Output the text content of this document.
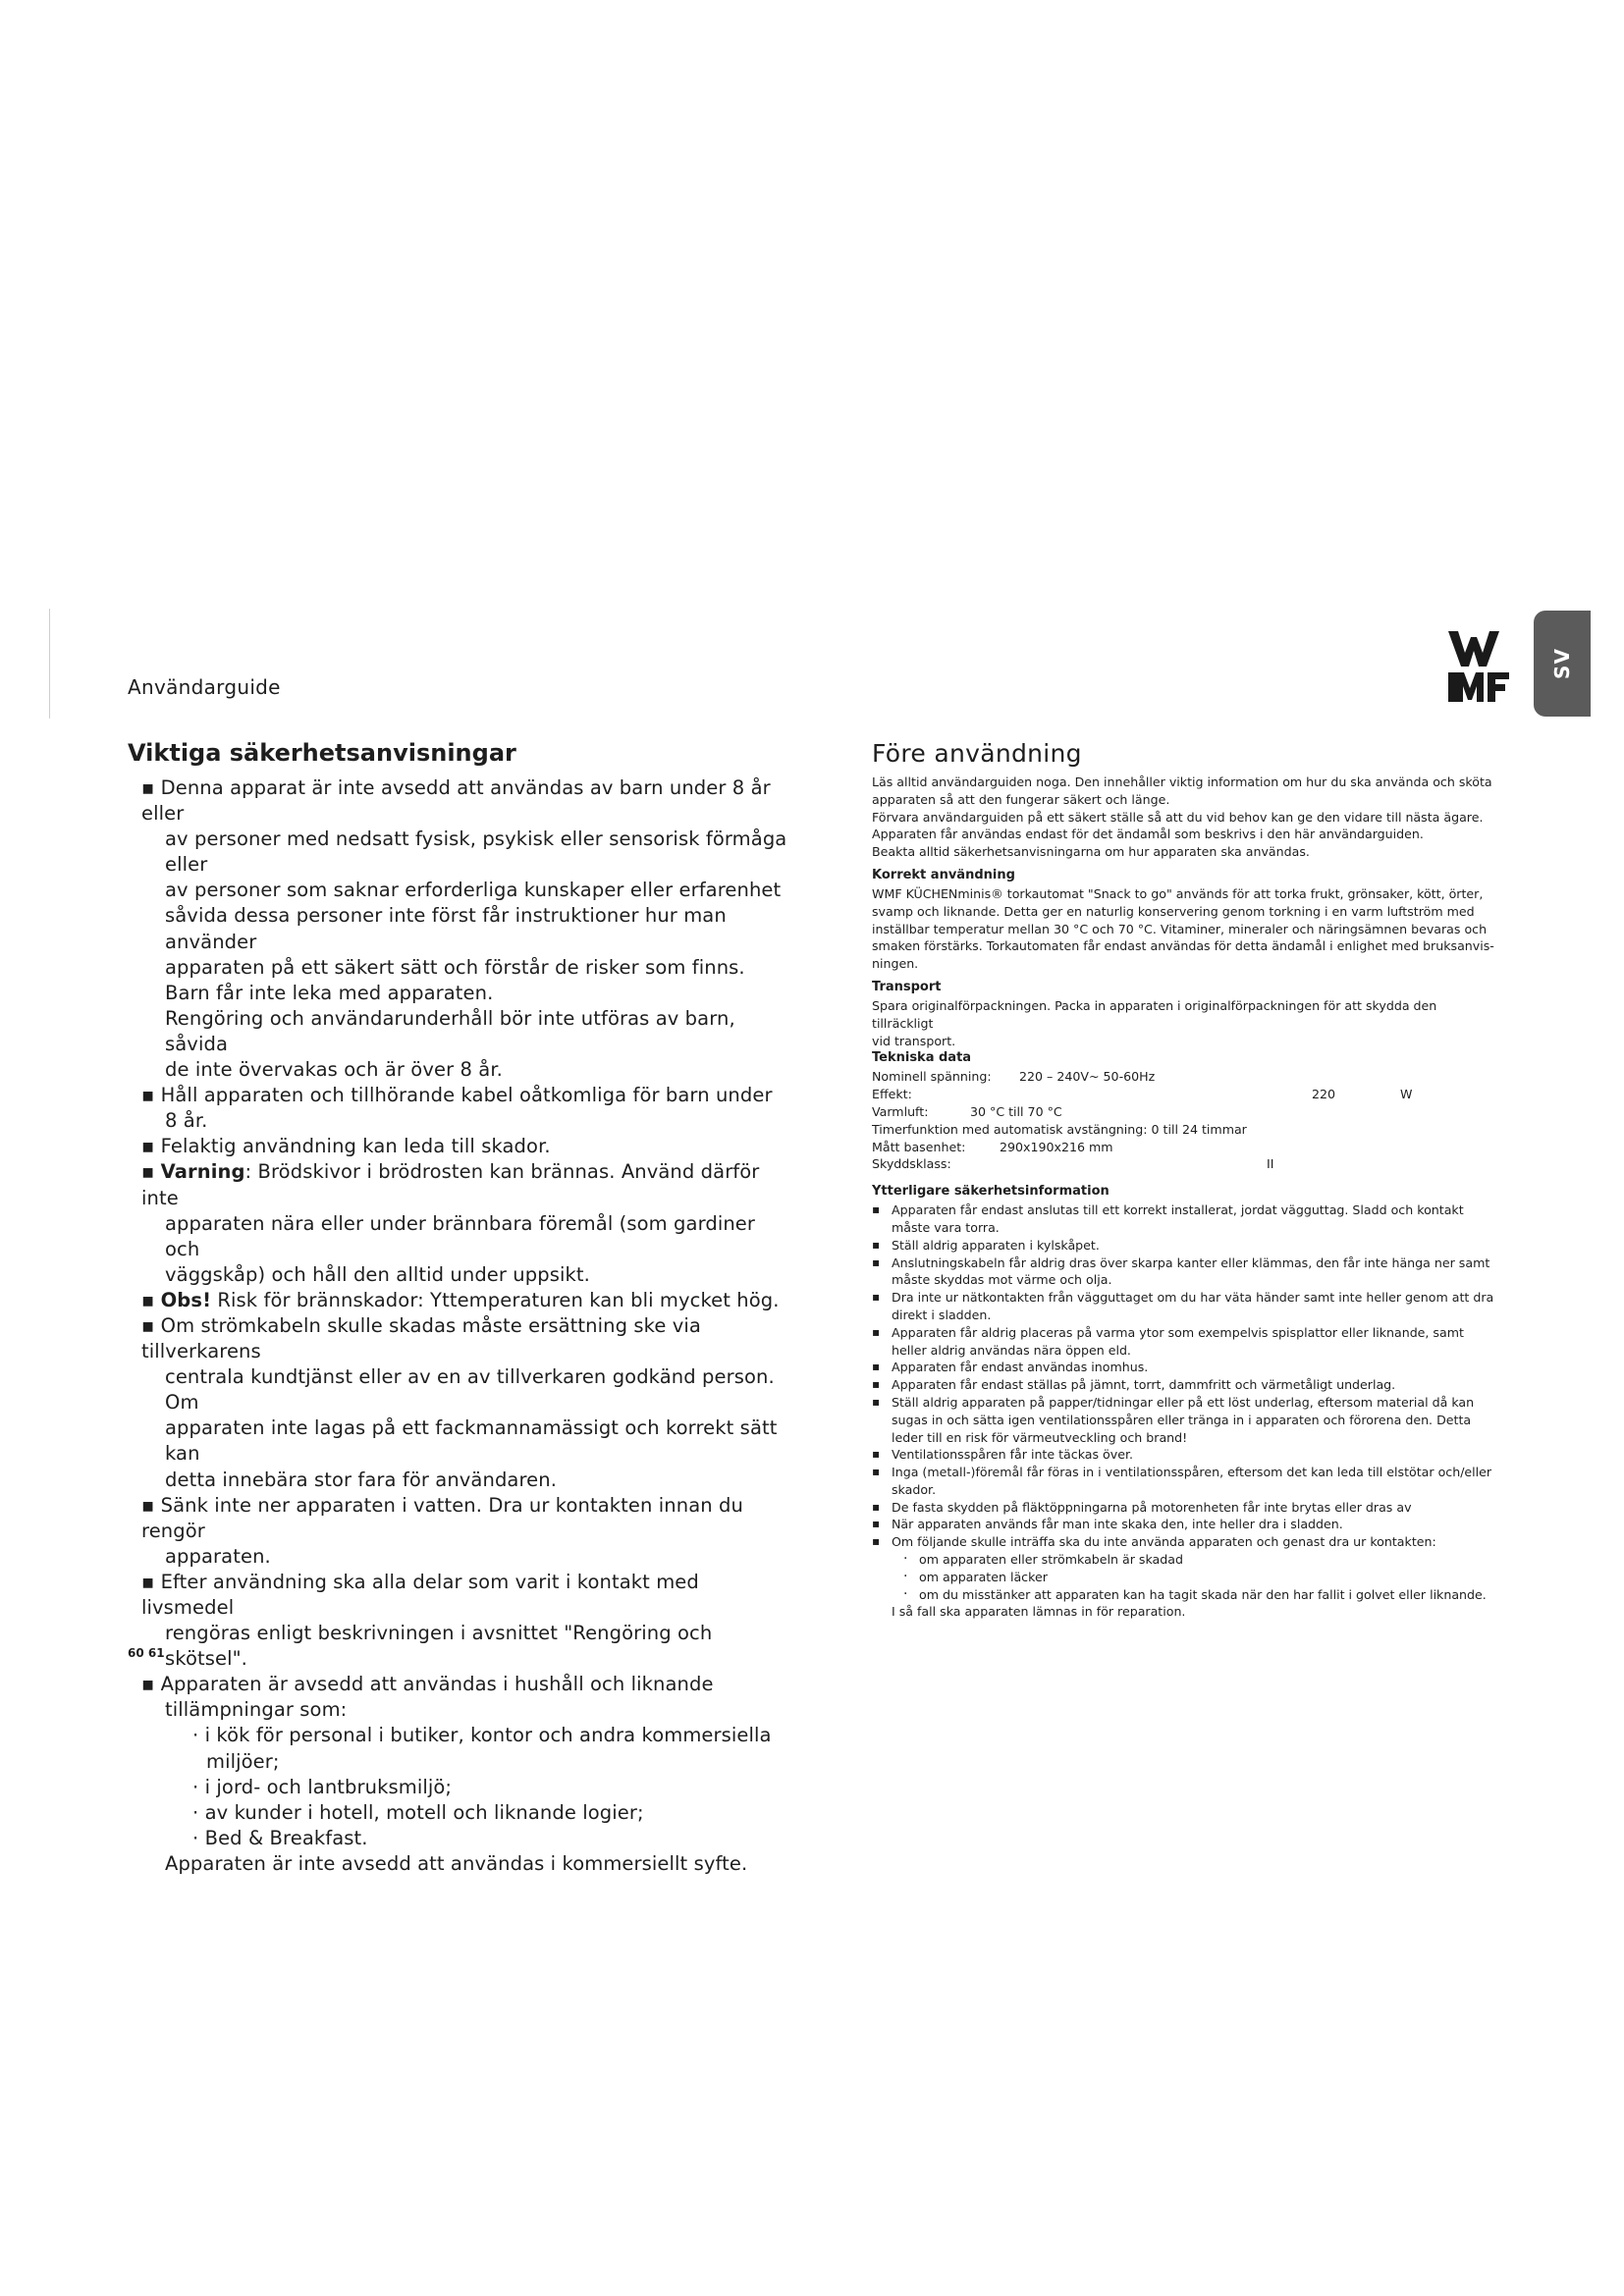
Användarguide
SV
Viktiga säkerhetsanvisningar

▪ Denna apparat är inte avsedd att användas av barn under 8 år eller

av personer med nedsatt fysisk, psykisk eller sensorisk förmåga eller

av personer som saknar erforderliga kunskaper eller erfarenhet

såvida dessa personer inte först får instruktioner hur man använder

apparaten på ett säkert sätt och förstår de risker som finns.

Barn får inte leka med apparaten.

Rengöring och användarunderhåll bör inte utföras av barn, såvida

de inte övervakas och är över 8 år.

▪ Håll apparaten och tillhörande kabel oåtkomliga för barn under

8 år.

▪ Felaktig användning kan leda till skador.

▪ Varning: Brödskivor i brödrosten kan brännas. Använd därför inte

apparaten nära eller under brännbara föremål (som gardiner och

väggskåp) och håll den alltid under uppsikt.

▪ Obs! Risk för brännskador: Yttemperaturen kan bli mycket hög.

▪ Om strömkabeln skulle skadas måste ersättning ske via tillverkarens

centrala kundtjänst eller av en av tillverkaren godkänd person. Om

apparaten inte lagas på ett fackmannamässigt och korrekt sätt kan

detta innebära stor fara för användaren.

▪ Sänk inte ner apparaten i vatten. Dra ur kontakten innan du rengör

apparaten.

▪ Efter användning ska alla delar som varit i kontakt med livsmedel

rengöras enligt beskrivningen i avsnittet "Rengöring och skötsel".

▪ Apparaten är avsedd att användas i hushåll och liknande

tillämpningar som:

· i kök för personal i butiker, kontor och andra kommersiella

miljöer;

· i jord- och lantbruksmiljö;

· av kunder i hotell, motell och liknande logier;

· Bed & Breakfast.

Apparaten är inte avsedd att användas i kommersiellt syfte.

Före användning

Läs alltid användarguiden noga. Den innehåller viktig information om hur du ska använda och sköta

apparaten så att den fungerar säkert och länge.

Förvara användarguiden på ett säkert ställe så att du vid behov kan ge den vidare till nästa ägare.

Apparaten får användas endast för det ändamål som beskrivs i den här användarguiden.

Beakta alltid säkerhetsanvisningarna om hur apparaten ska användas.

Korrekt användning

WMF KÜCHENminis® torkautomat "Snack to go" används för att torka frukt, grönsaker, kött, örter,

svamp och liknande. Detta ger en naturlig konservering genom torkning i en varm luftström med

inställbar temperatur mellan 30 °C och 70 °C. Vitaminer, mineraler och näringsämnen bevaras och

smaken förstärks. Torkautomaten får endast användas för detta ändamål i enlighet med bruksanvis-

ningen.

Transport

Spara originalförpackningen. Packa in apparaten i originalförpackningen för att skydda den tillräckligt

vid transport.

Tekniska data
Nominell spänning:	220 – 240V~ 50-60Hz
Effekt:	220	W
Varmluft:	30 °C till 70 °C

Timerfunktion med automatisk avstängning: 0 till 24 timmar

Mått basenhet:	290x190x216 mm
Skyddsklass:	II
Ytterligare säkerhetsinformation
▪ Apparaten får endast anslutas till ett korrekt installerat, jordat vägguttag. Sladd och kontakt måste vara torra.
▪ Ställ aldrig apparaten i kylskåpet.
▪ Anslutningskabeln får aldrig dras över skarpa kanter eller klämmas, den får inte hänga ner samt måste skyddas mot värme och olja.
▪ Dra inte ur nätkontakten från vägguttaget om du har väta händer samt inte heller genom att dra direkt i sladden.
▪ Apparaten får aldrig placeras på varma ytor som exempelvis spisplattor eller liknande, samt heller aldrig användas nära öppen eld.
▪ Apparaten får endast användas inomhus.
▪ Apparaten får endast ställas på jämnt, torrt, dammfritt och värmetåligt underlag.
▪ Ställ aldrig apparaten på papper/tidningar eller på ett löst underlag, eftersom material då kan sugas in och sätta igen ventilationsspåren eller tränga in i apparaten och förorena den. Detta leder till en risk för värmeutveckling och brand!
▪ Ventilationsspåren får inte täckas över.
▪ Inga (metall-)föremål får föras in i ventilationsspåren, eftersom det kan leda till elstötar och/eller skador.
▪ De fasta skydden på fläktöppningarna på motorenheten får inte brytas eller dras av
▪ När apparaten används får man inte skaka den, inte heller dra i sladden.
▪ Om följande skulle inträffa ska du inte använda apparaten och genast dra ur kontakten:
· om apparaten eller strömkabeln är skadad
· om apparaten läcker
· om du misstänker att apparaten kan ha tagit skada när den har fallit i golvet eller liknande.

I så fall ska apparaten lämnas in för reparation.

60 61
